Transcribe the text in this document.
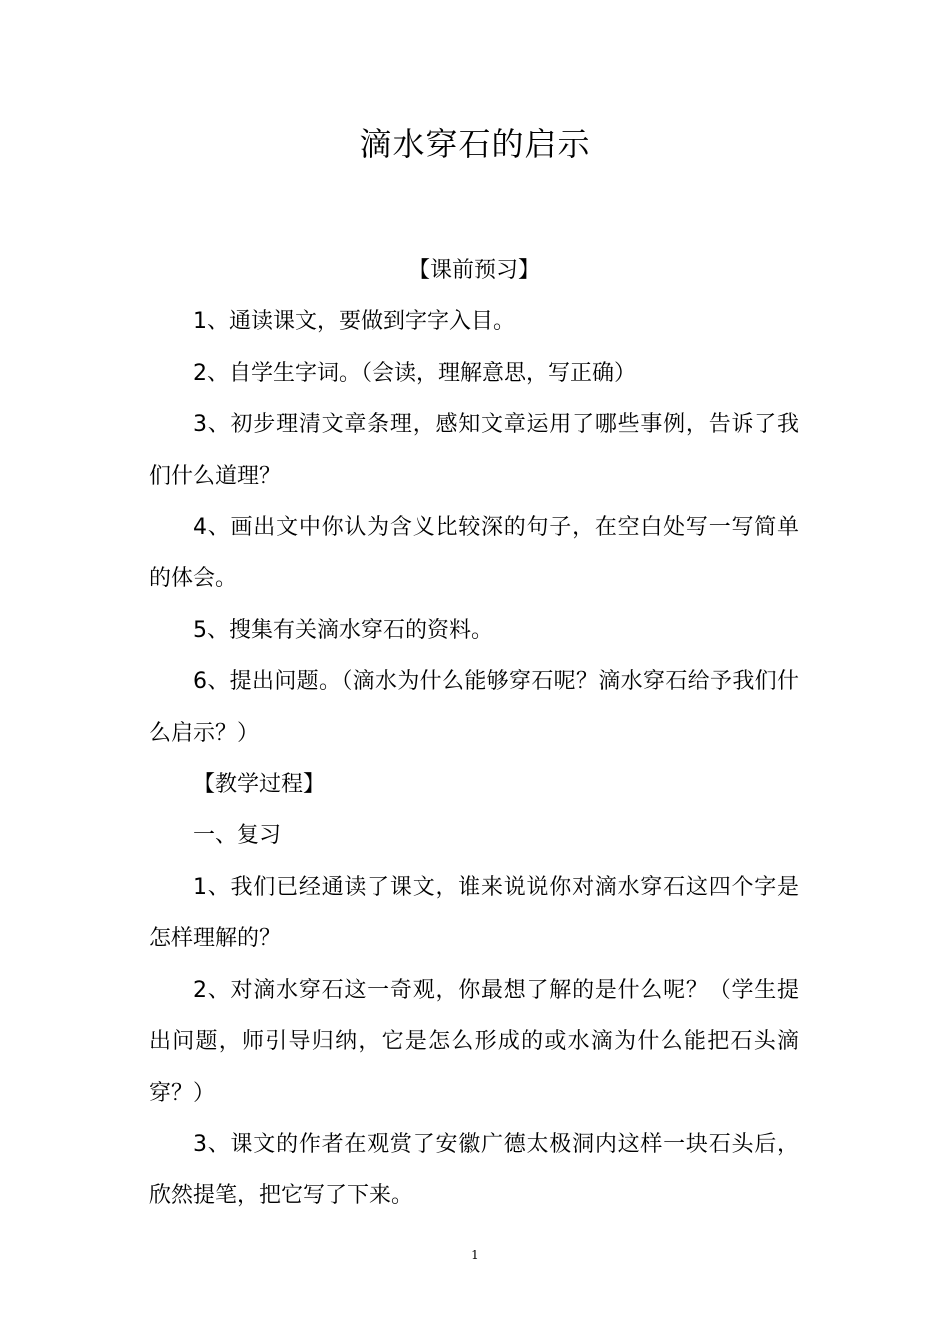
滴水穿石的启示

【课前预习】

1、通读课文，要做到字字入目。

2、自学生字词。（会读，理解意思，写正确）

3、初步理清文章条理，感知文章运用了哪些事例，告诉了我们什么道理？

4、画出文中你认为含义比较深的句子，在空白处写一写简单的体会。

5、搜集有关滴水穿石的资料。

6、提出问题。（滴水为什么能够穿石呢？滴水穿石给予我们什么启示？）

【教学过程】

一、复习

1、我们已经通读了课文，谁来说说你对滴水穿石这四个字是怎样理解的？

2、对滴水穿石这一奇观，你最想了解的是什么呢？（学生提出问题，师引导归纳，它是怎么形成的或水滴为什么能把石头滴穿？）

3、课文的作者在观赏了安徽广德太极洞内这样一块石头后，欣然提笔，把它写了下来。

1
